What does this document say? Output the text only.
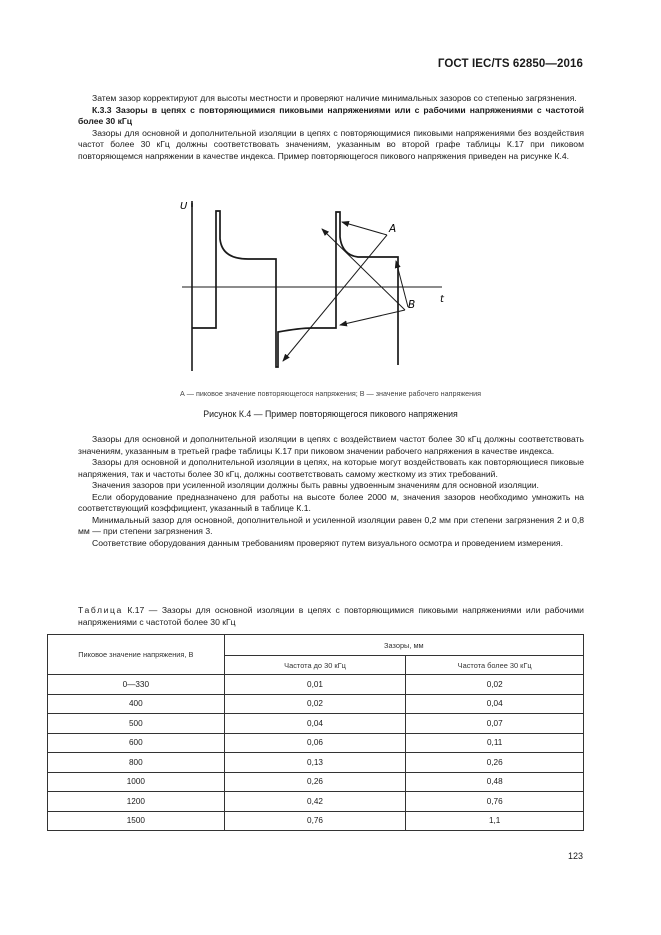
ГОСТ IEC/TS 62850—2016

Затем зазор корректируют для высоты местности и проверяют наличие минимальных зазоров со степенью загрязнения.

К.3.3 Зазоры в цепях с повторяющимися пиковыми напряжениями или с рабочими напряжениями с частотой более 30 кГц

Зазоры для основной и дополнительной изоляции в цепях с повторяющимися пиковыми напряжениями без воздействия частот более 30 кГц должны соответствовать значениям, указанным во второй графе таблицы К.17 при пиковом повторяющемся напряжении в качестве индекса. Пример повторяющегося пикового напряжения приведен на рисунке К.4.

U
t
A
B
А — пиковое значение повторяющегося напряжения; В — значение рабочего напряжения
Рисунок К.4 — Пример повторяющегося пикового напряжения

Зазоры для основной и дополнительной изоляции в цепях с воздействием частот более 30 кГц должны соответствовать значениям, указанным в третьей графе таблицы К.17 при пиковом значении рабочего напряжения в качестве индекса.

Зазоры для основной и дополнительной изоляции в цепях, на которые могут воздействовать как повторяющиеся пиковые напряжения, так и частоты более 30 кГц, должны соответствовать самому жесткому из этих требований.

Значения зазоров при усиленной изоляции должны быть равны удвоенным значениям для основной изоляции.

Если оборудование предназначено для работы на высоте более 2000 м, значения зазоров необходимо умножить на соответствующий коэффициент, указанный в таблице К.1.

Минимальный зазор для основной, дополнительной и усиленной изоляции равен 0,2 мм при степени загрязнения 2 и 0,8 мм — при степени загрязнения 3.

Соответствие оборудования данным требованиям проверяют путем визуального осмотра и проведением измерения.

Таблица К.17 — Зазоры для основной изоляции в цепях с повторяющимися пиковыми напряжениями или рабочими напряжениями с частотой более 30 кГц
Пиковое значение напряжения, В	Зазоры, мм	
	Частота до 30 кГц	Частота более 30 кГц
0—330	0,01	0,02
400	0,02	0,04
500	0,04	0,07
600	0,06	0,11
800	0,13	0,26
1000	0,26	0,48
1200	0,42	0,76
1500	0,76	1,1
123
